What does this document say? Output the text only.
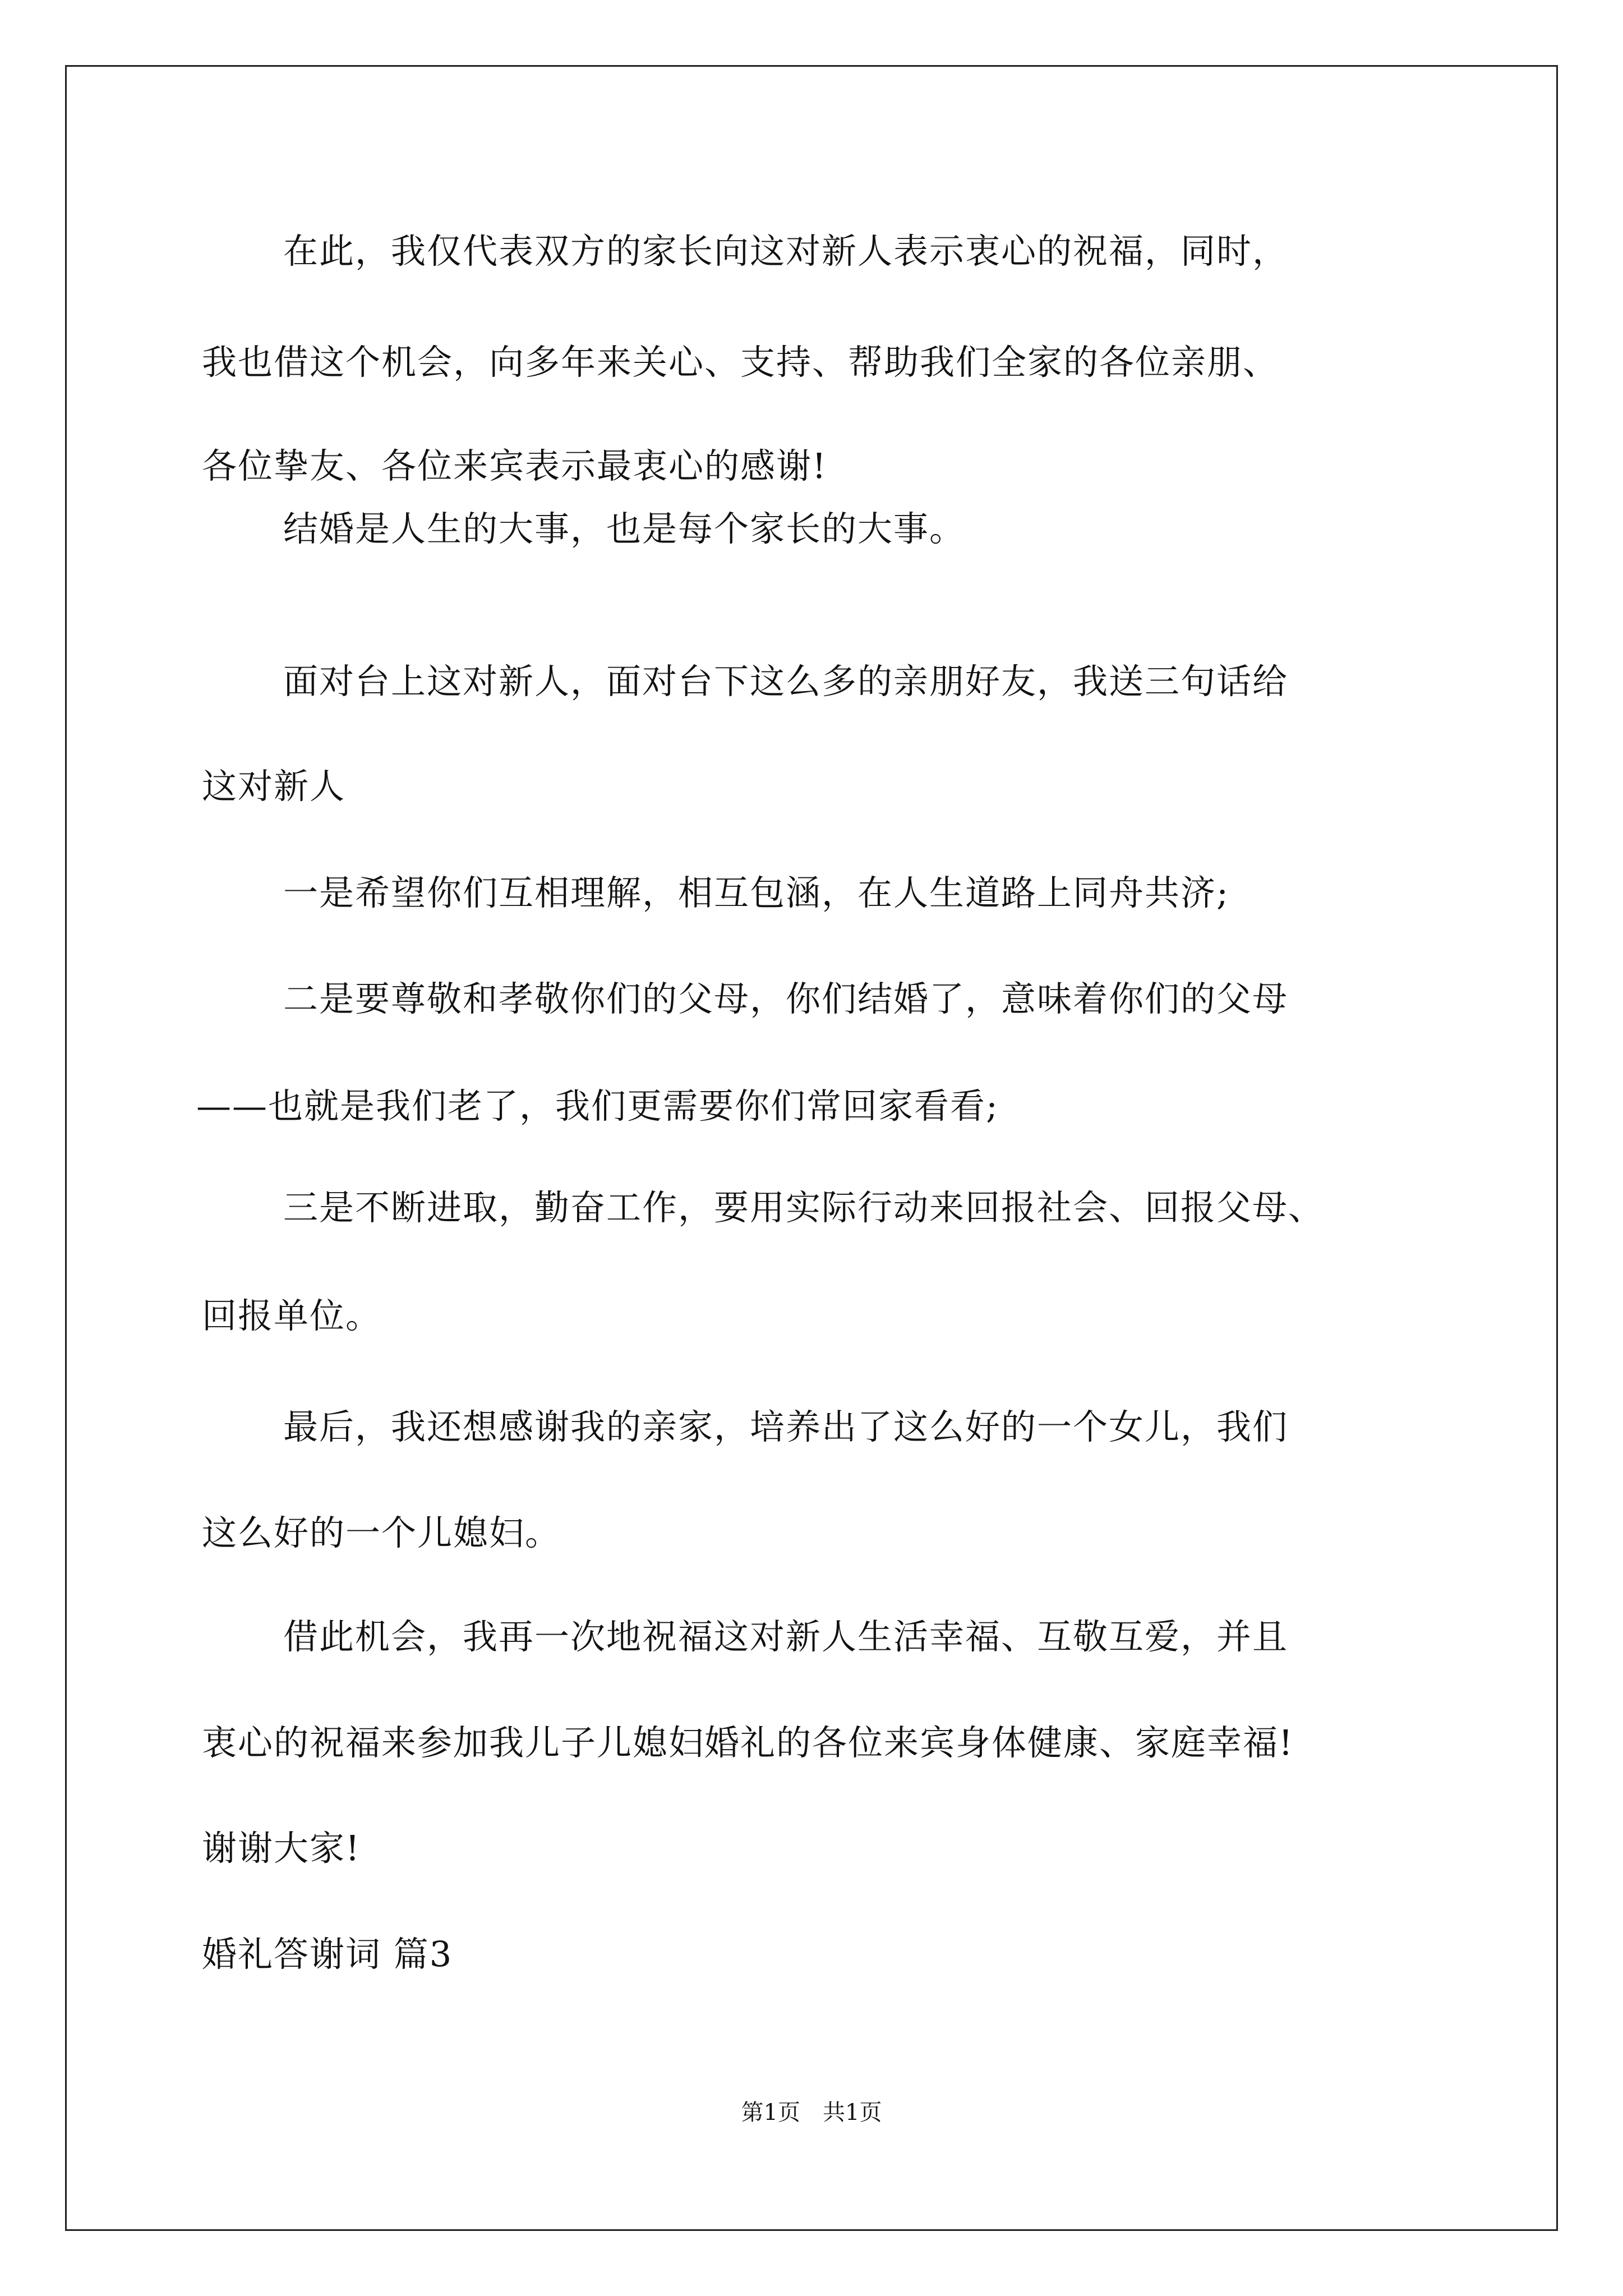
在此，我仅代表双方的家长向这对新人表示衷心的祝福，同时，
我也借这个机会，向多年来关心、支持、帮助我们全家的各位亲朋、
各位挚友、各位来宾表示最衷心的感谢!
结婚是人生的大事，也是每个家长的大事。
面对台上这对新人，面对台下这么多的亲朋好友，我送三句话给
这对新人
一是希望你们互相理解，相互包涵，在人生道路上同舟共济;
二是要尊敬和孝敬你们的父母，你们结婚了，意味着你们的父母
——也就是我们老了，我们更需要你们常回家看看;
三是不断进取，勤奋工作，要用实际行动来回报社会、回报父母、
回报单位。
最后，我还想感谢我的亲家，培养出了这么好的一个女儿，我们
这么好的一个儿媳妇。
借此机会，我再一次地祝福这对新人生活幸福、互敬互爱，并且
衷心的祝福来参加我儿子儿媳妇婚礼的各位来宾身体健康、家庭幸福!
谢谢大家!
婚礼答谢词 篇3
第1页　共1页
